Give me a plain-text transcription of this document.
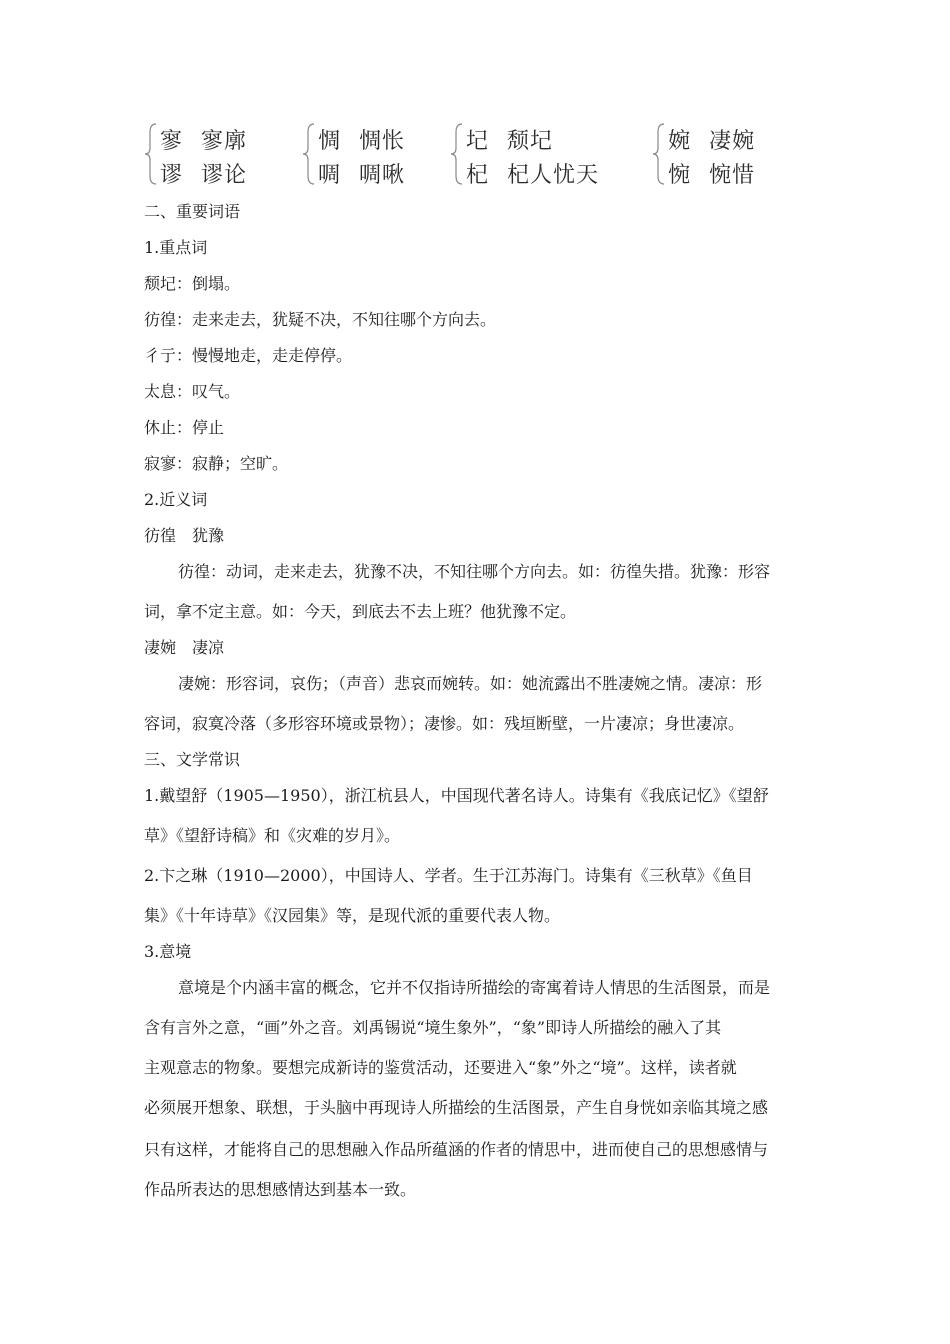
寥 寥廓
谬 谬论
惆 惆怅
啁 啁啾
圮 颓圮
杞 杞人忧天
婉 凄婉
惋 惋惜
二、重要词语
1.重点词
颓圮：倒塌。
彷徨：走来走去，犹疑不决，不知往哪个方向去。
彳亍：慢慢地走，走走停停。
太息：叹气。
休止：停止
寂寥：寂静；空旷。
2.近义词
彷徨　犹豫
彷徨：动词，走来走去，犹豫不决，不知往哪个方向去。如：彷徨失措。犹豫：形容
词，拿不定主意。如：今天，到底去不去上班？他犹豫不定。
凄婉　凄凉
凄婉：形容词，哀伤；（声音）悲哀而婉转。如：她流露出不胜凄婉之情。凄凉：形
容词，寂寞冷落（多形容环境或景物）；凄惨。如：残垣断壁，一片凄凉；身世凄凉。
三、文学常识
1.戴望舒（1905—1950），浙江杭县人，中国现代著名诗人。诗集有《我底记忆》《望舒
草》《望舒诗稿》和《灾难的岁月》。
2.卞之琳（1910—2000），中国诗人、学者。生于江苏海门。诗集有《三秋草》《鱼目
集》《十年诗草》《汉园集》等，是现代派的重要代表人物。
3.意境
意境是个内涵丰富的概念，它并不仅指诗所描绘的寄寓着诗人情思的生活图景，而是
含有言外之意，“画”外之音。刘禹锡说“境生象外”，“象”即诗人所描绘的融入了其
主观意志的物象。要想完成新诗的鉴赏活动，还要进入“象”外之“境”。这样，读者就
必须展开想象、联想，于头脑中再现诗人所描绘的生活图景，产生自身恍如亲临其境之感
只有这样，才能将自己的思想融入作品所蕴涵的作者的情思中，进而使自己的思想感情与
作品所表达的思想感情达到基本一致。
